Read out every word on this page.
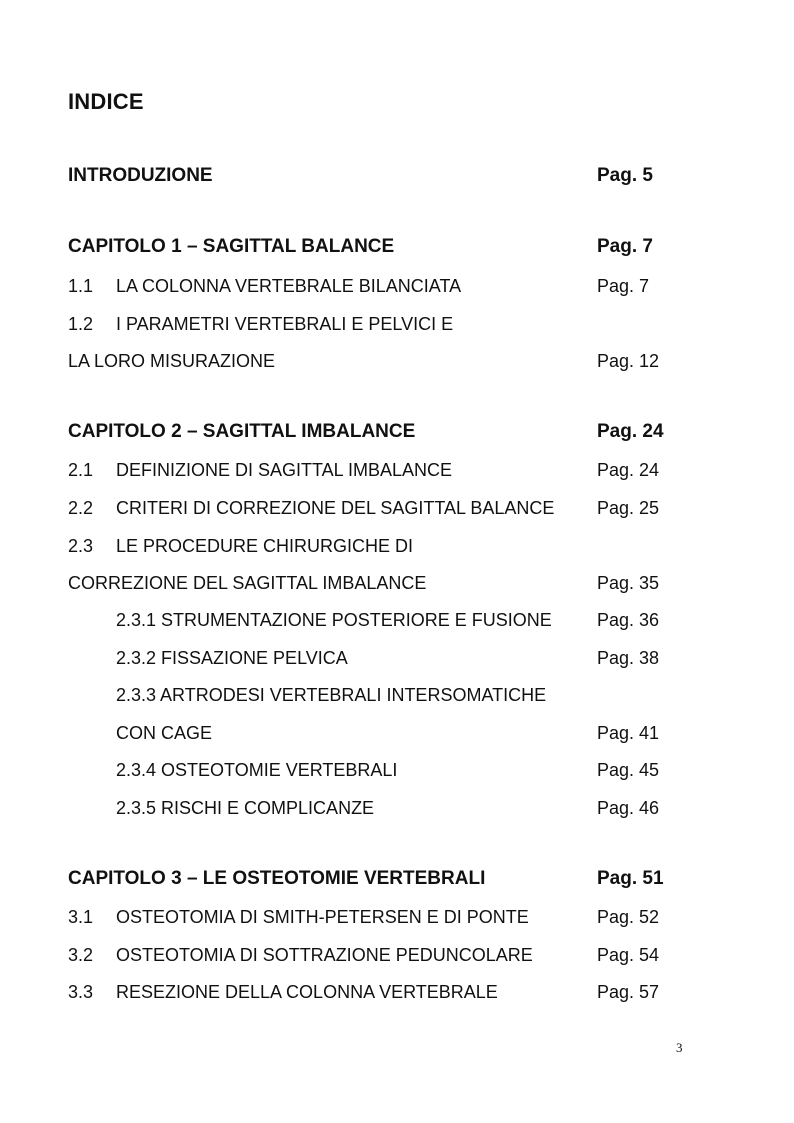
INDICE
INTRODUZIONE	Pag. 5
CAPITOLO 1 – SAGITTAL BALANCE	Pag. 7
1.1 LA COLONNA VERTEBRALE BILANCIATA	Pag. 7
1.2 I PARAMETRI VERTEBRALI E PELVICI E
LA LORO MISURAZIONE	Pag. 12
CAPITOLO 2 – SAGITTAL IMBALANCE	Pag. 24
2.1 DEFINIZIONE DI SAGITTAL IMBALANCE	Pag. 24
2.2 CRITERI DI CORREZIONE DEL SAGITTAL BALANCE Pag. 25
2.3 LE PROCEDURE CHIRURGICHE DI
CORREZIONE DEL SAGITTAL IMBALANCE	Pag. 35
2.3.1 STRUMENTAZIONE POSTERIORE E FUSIONE	Pag. 36
2.3.2 FISSAZIONE PELVICA	Pag. 38
2.3.3 ARTRODESI VERTEBRALI INTERSOMATICHE
CON CAGE	Pag. 41
2.3.4 OSTEOTOMIE VERTEBRALI	Pag. 45
2.3.5 RISCHI E COMPLICANZE	Pag. 46
CAPITOLO 3 – LE OSTEOTOMIE VERTEBRALI	Pag. 51
3.1 OSTEOTOMIA DI SMITH-PETERSEN E DI PONTE	Pag. 52
3.2 OSTEOTOMIA DI SOTTRAZIONE PEDUNCOLARE	Pag. 54
3.3 RESEZIONE DELLA COLONNA VERTEBRALE	Pag. 57
3
